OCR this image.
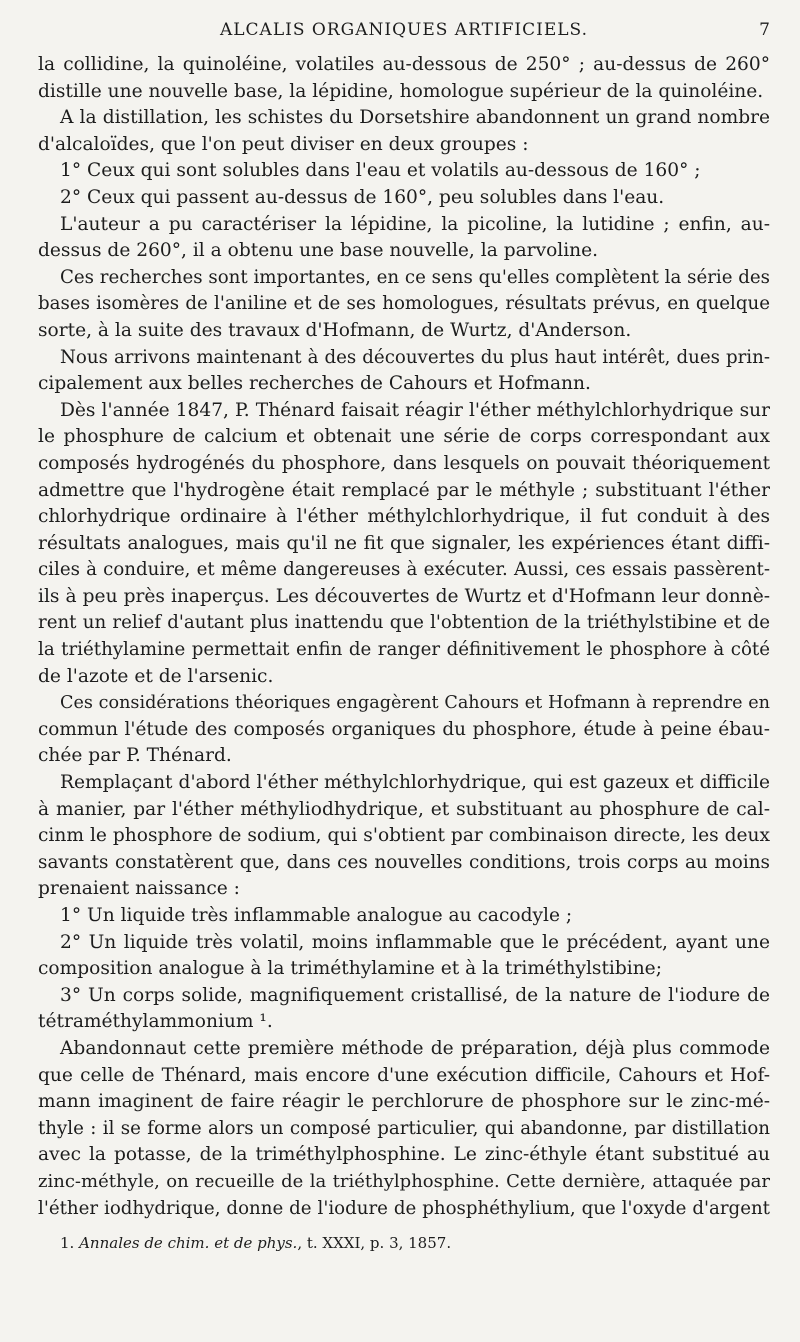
ALCALIS ORGANIQUES ARTIFICIELS.	7
la collidine, la quinoléine, volatiles au-dessous de 250° ; au-dessus de 260°
distille une nouvelle base, la lépidine, homologue supérieur de la quinoléine.
A la distillation, les schistes du Dorsetshire abandonnent un grand nombre
d'alcaloïdes, que l'on peut diviser en deux groupes :
1° Ceux qui sont solubles dans l'eau et volatils au-dessous de 160° ;
2° Ceux qui passent au-dessus de 160°, peu solubles dans l'eau.
L'auteur a pu caractériser la lépidine, la picoline, la lutidine ; enfin, au-
dessus de 260°, il a obtenu une base nouvelle, la parvoline.
Ces recherches sont importantes, en ce sens qu'elles complètent la série des
bases isomères de l'aniline et de ses homologues, résultats prévus, en quelque
sorte, à la suite des travaux d'Hofmann, de Wurtz, d'Anderson.
Nous arrivons maintenant à des découvertes du plus haut intérêt, dues prin-
cipalement aux belles recherches de Cahours et Hofmann.
Dès l'année 1847, P. Thénard faisait réagir l'éther méthylchlorhydrique sur
le phosphure de calcium et obtenait une série de corps correspondant aux
composés hydrogénés du phosphore, dans lesquels on pouvait théoriquement
admettre que l'hydrogène était remplacé par le méthyle ; substituant l'éther
chlorhydrique ordinaire à l'éther méthylchlorhydrique, il fut conduit à des
résultats analogues, mais qu'il ne fit que signaler, les expériences étant diffi-
ciles à conduire, et même dangereuses à exécuter. Aussi, ces essais passèrent-
ils à peu près inaperçus. Les découvertes de Wurtz et d'Hofmann leur donnè-
rent un relief d'autant plus inattendu que l'obtention de la triéthylstibine et de
la triéthylamine permettait enfin de ranger définitivement le phosphore à côté
de l'azote et de l'arsenic.
Ces considérations théoriques engagèrent Cahours et Hofmann à reprendre en
commun l'étude des composés organiques du phosphore, étude à peine ébau-
chée par P. Thénard.
Remplaçant d'abord l'éther méthylchlorhydrique, qui est gazeux et difficile
à manier, par l'éther méthyliodhydrique, et substituant au phosphure de cal-
cinm le phosphore de sodium, qui s'obtient par combinaison directe, les deux
savants constatèrent que, dans ces nouvelles conditions, trois corps au moins
prenaient naissance :
1° Un liquide très inflammable analogue au cacodyle ;
2° Un liquide très volatil, moins inflammable que le précédent, ayant une
composition analogue à la triméthylamine et à la triméthylstibine;
3° Un corps solide, magnifiquement cristallisé, de la nature de l'iodure de
tétraméthylammonium ¹.
Abandonnaut cette première méthode de préparation, déjà plus commode
que celle de Thénard, mais encore d'une exécution difficile, Cahours et Hof-
mann imaginent de faire réagir le perchlorure de phosphore sur le zinc-mé-
thyle : il se forme alors un composé particulier, qui abandonne, par distillation
avec la potasse, de la triméthylphosphine. Le zinc-éthyle étant substitué au
zinc-méthyle, on recueille de la triéthylphosphine. Cette dernière, attaquée par
l'éther iodhydrique, donne de l'iodure de phosphéthylium, que l'oxyde d'argent
1. Annales de chim. et de phys., t. XXXI, p. 3, 1857.
